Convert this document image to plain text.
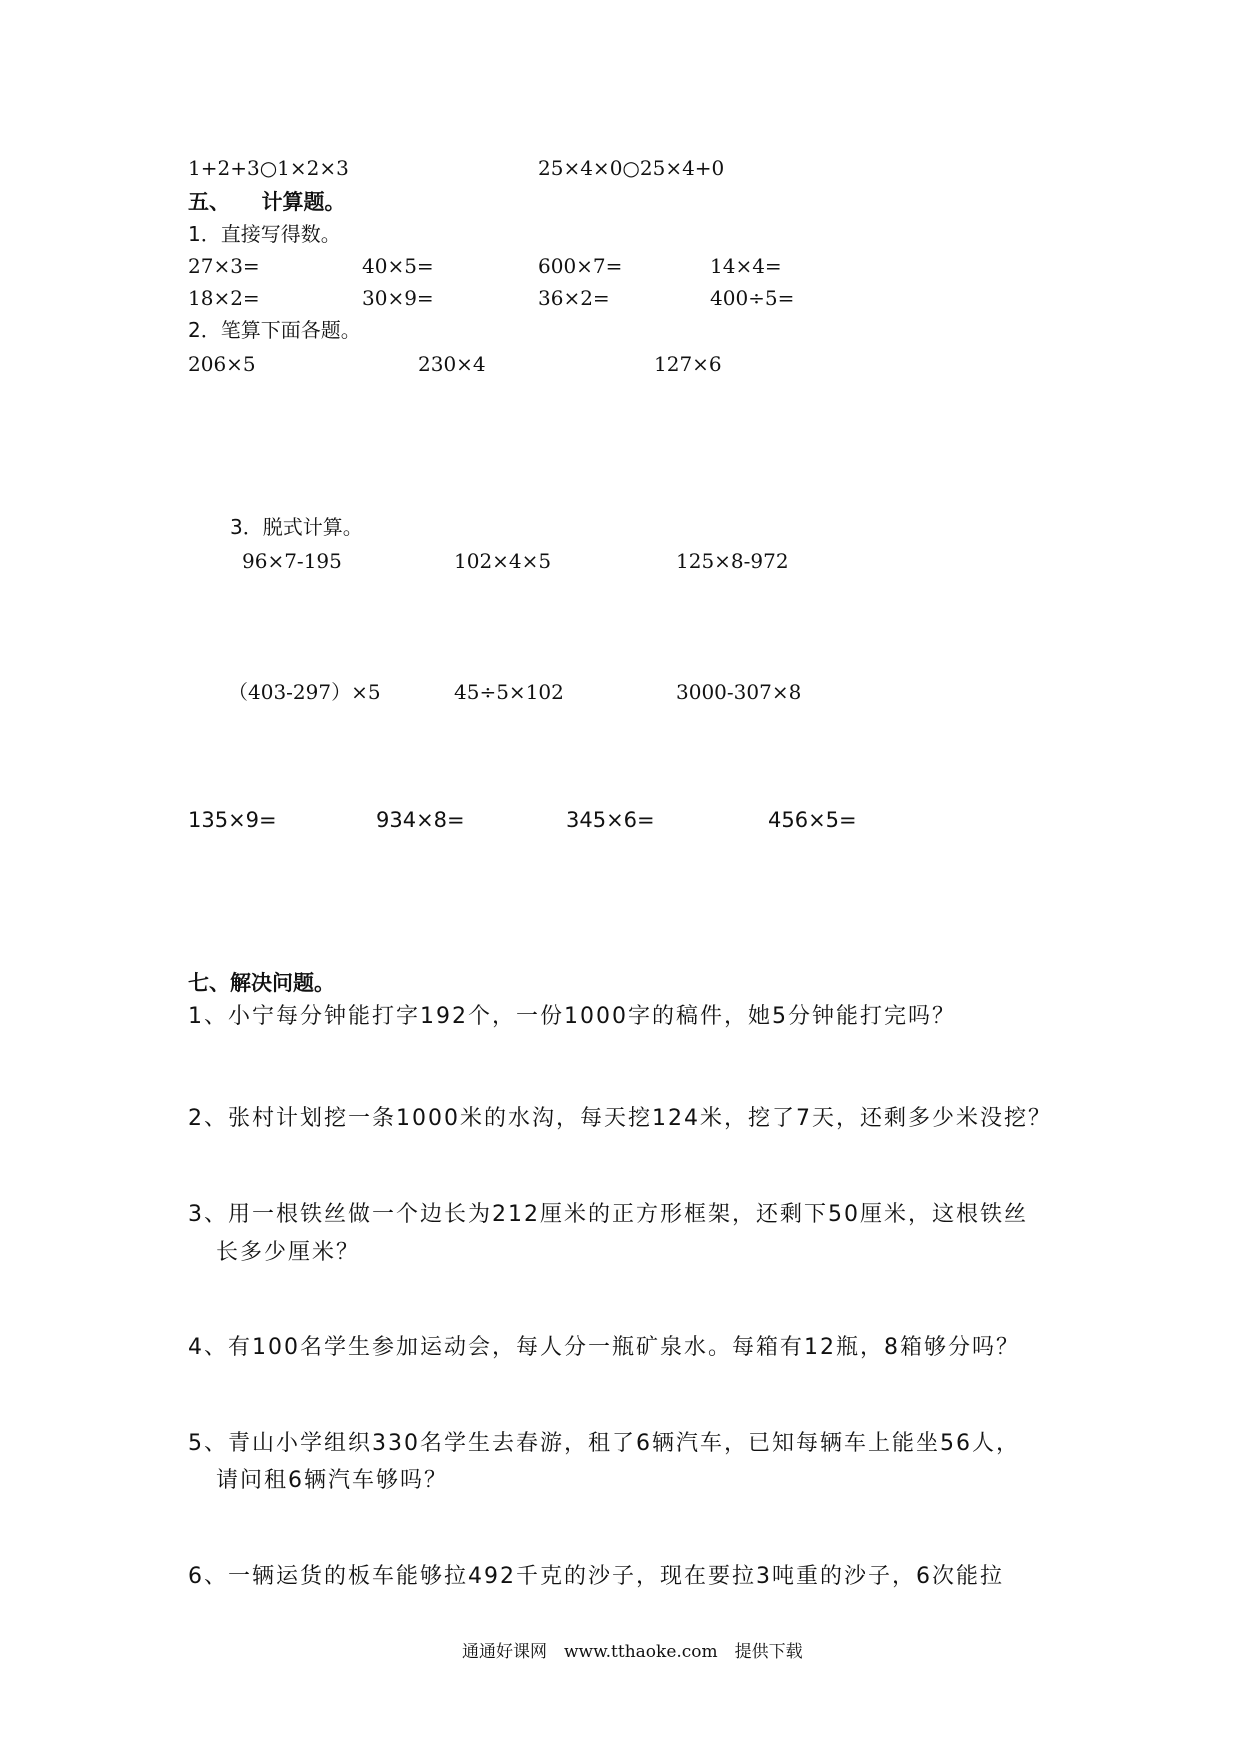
1+2+3○1×2×3	25×4×0○25×4+0
五、　　计算题。
1．直接写得数。
27×3=	40×5=	600×7=	14×4=
18×2=	30×9=	36×2=	400÷5=
2．笔算下面各题。
206×5	230×4	127×6
3．脱式计算。
96×7-195	102×4×5	125×8-972
（403-297）×5	45÷5×102	3000-307×8
135×9=	934×8=	345×6=	456×5=
七、解决问题。
1、小宁每分钟能打字192个，一份1000字的稿件，她5分钟能打完吗？
2、张村计划挖一条1000米的水沟，每天挖124米，挖了7天，还剩多少米没挖？
3、用一根铁丝做一个边长为212厘米的正方形框架，还剩下50厘米，这根铁丝
长多少厘米？
4、有100名学生参加运动会，每人分一瓶矿泉水。每箱有12瓶，8箱够分吗？
5、青山小学组织330名学生去春游，租了6辆汽车，已知每辆车上能坐56人，
请问租6辆汽车够吗？
6、一辆运货的板车能够拉492千克的沙子，现在要拉3吨重的沙子，6次能拉
通通好课网　www.tthaoke.com　提供下载
